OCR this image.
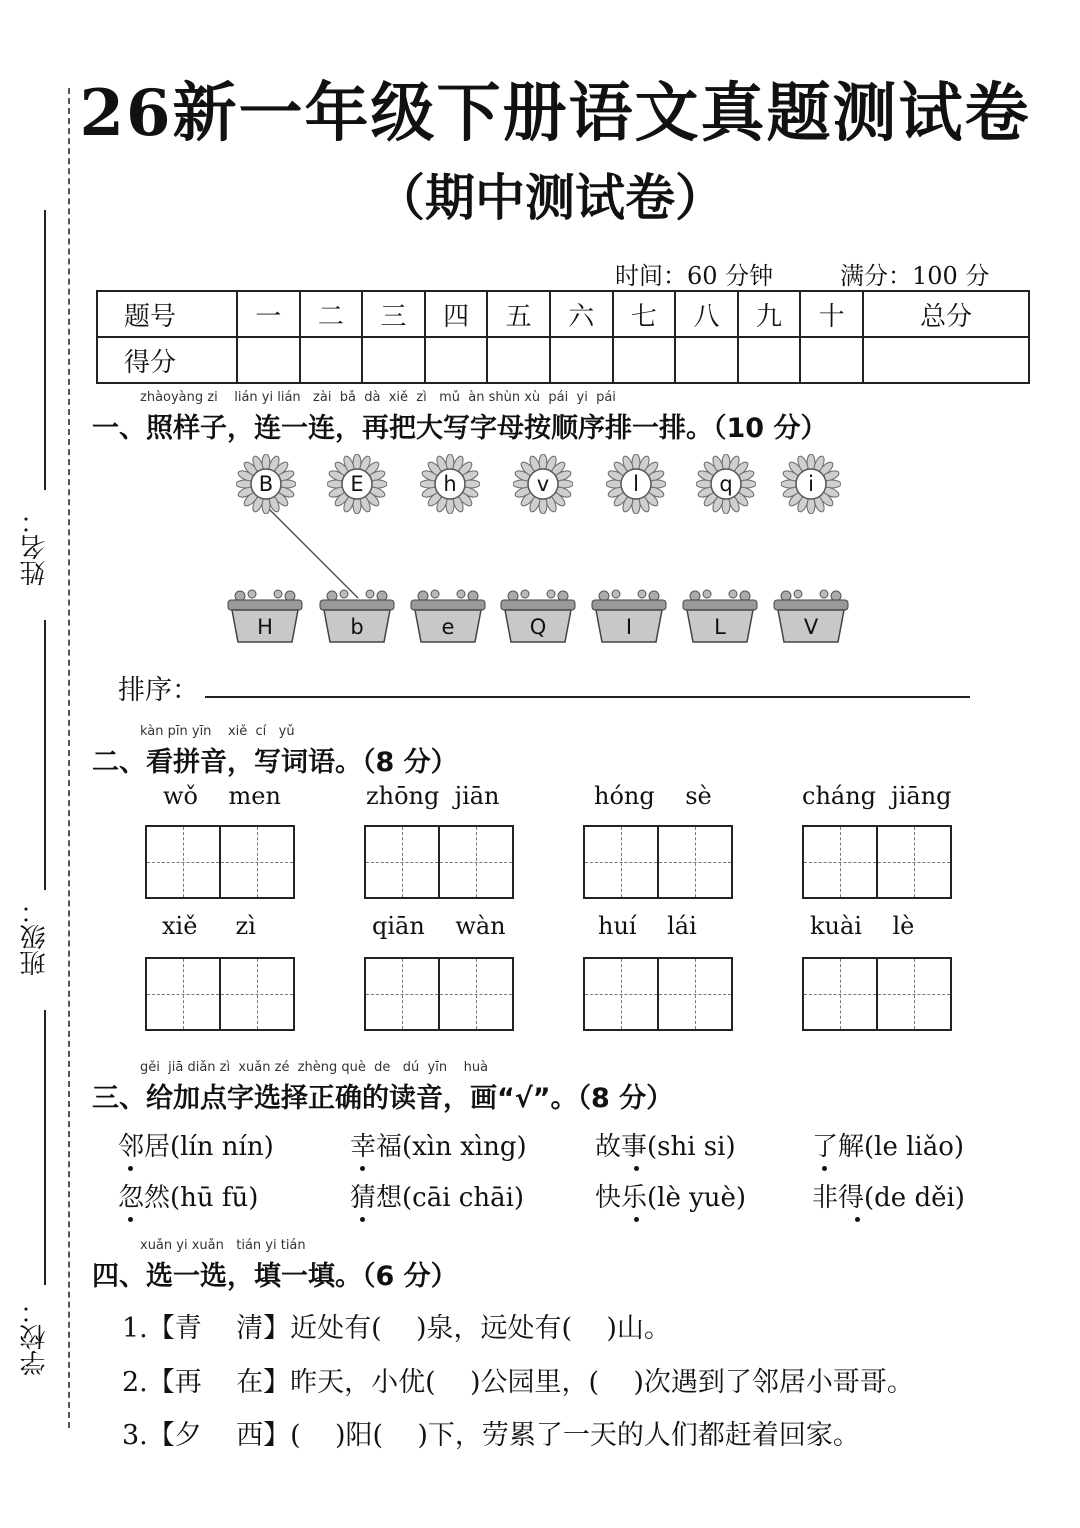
姓名：
班级：
学校：
26新一年级下册语文真题测试卷
（期中测试卷）
时间：60 分钟	满分：100 分
题号	一	二	三	四	五	六	七	八	九	十	总分
得分											
zhàoyàng zi    lián yi lián   zài  bǎ  dà  xiě  zì   mǔ  àn shùn xù  pái  yi  pái
一、照样子，连一连，再把大写字母按顺序排一排。（10 分）
B	E	h	v	l	q	i
H	b	e	Q	I	L	V
排序：
kàn pīn yīn    xiě  cí   yǔ
二、看拼音，写词语。（8 分）
wǒ    men	zhōng  jiān	hóng    sè	cháng  jiāng
xiě     zì	qiān    wàn	huí    lái	kuài    lè
gěi  jiā diǎn zì  xuǎn zé  zhèng què  de   dú  yīn    huà
三、给加点字选择正确的读音，画“√”。（8 分）
邻居(lín nín)	幸福(xìn xìng)	故事(shi si)	了解(le liǎo)
忽然(hū fū)	猜想(cāi chāi)	快乐(lè yuè)	非得(de děi)
xuǎn yi xuǎn   tián yi tián
四、选一选，填一填。（6 分）
1.【青    清】近处有(    )泉，远处有(    )山。
2.【再    在】昨天，小优(    )公园里，(    )次遇到了邻居小哥哥。
3.【夕    西】(    )阳(    )下，劳累了一天的人们都赶着回家。
